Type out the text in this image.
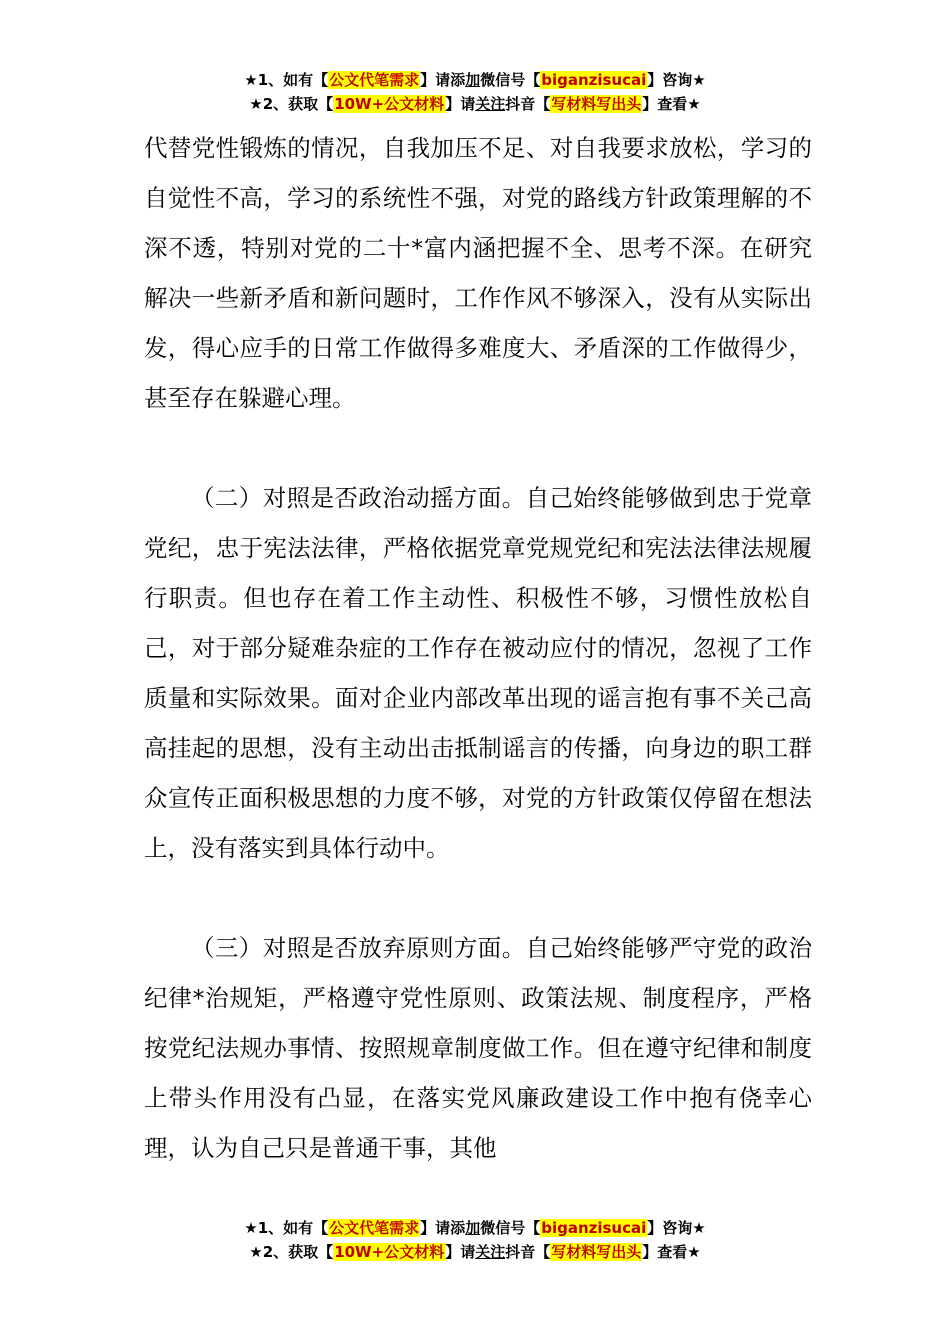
★1、如有【公文代笔需求】请添加微信号【biganzisucai】咨询★
★2、获取【10W+公文材料】请关注抖音【写材料写出头】查看★

代替党性锻炼的情况，自我加压不足、对自我要求放松，学习的自觉性不高，学习的系统性不强，对党的路线方针政策理解的不深不透，特别对党的二十*富内涵把握不全、思考不深。在研究解决一些新矛盾和新问题时，工作作风不够深入，没有从实际出发，得心应手的日常工作做得多难度大、矛盾深的工作做得少，甚至存在躲避心理。

（二）对照是否政治动摇方面。自己始终能够做到忠于党章党纪，忠于宪法法律，严格依据党章党规党纪和宪法法律法规履行职责。但也存在着工作主动性、积极性不够，习惯性放松自己，对于部分疑难杂症的工作存在被动应付的情况，忽视了工作质量和实际效果。面对企业内部改革出现的谣言抱有事不关己高高挂起的思想，没有主动出击抵制谣言的传播，向身边的职工群众宣传正面积极思想的力度不够，对党的方针政策仅停留在想法上，没有落实到具体行动中。

（三）对照是否放弃原则方面。自己始终能够严守党的政治纪律*治规矩，严格遵守党性原则、政策法规、制度程序，严格按党纪法规办事情、按照规章制度做工作。但在遵守纪律和制度上带头作用没有凸显，在落实党风廉政建设工作中抱有侥幸心理，认为自己只是普通干事，其他

★1、如有【公文代笔需求】请添加微信号【biganzisucai】咨询★
★2、获取【10W+公文材料】请关注抖音【写材料写出头】查看★
